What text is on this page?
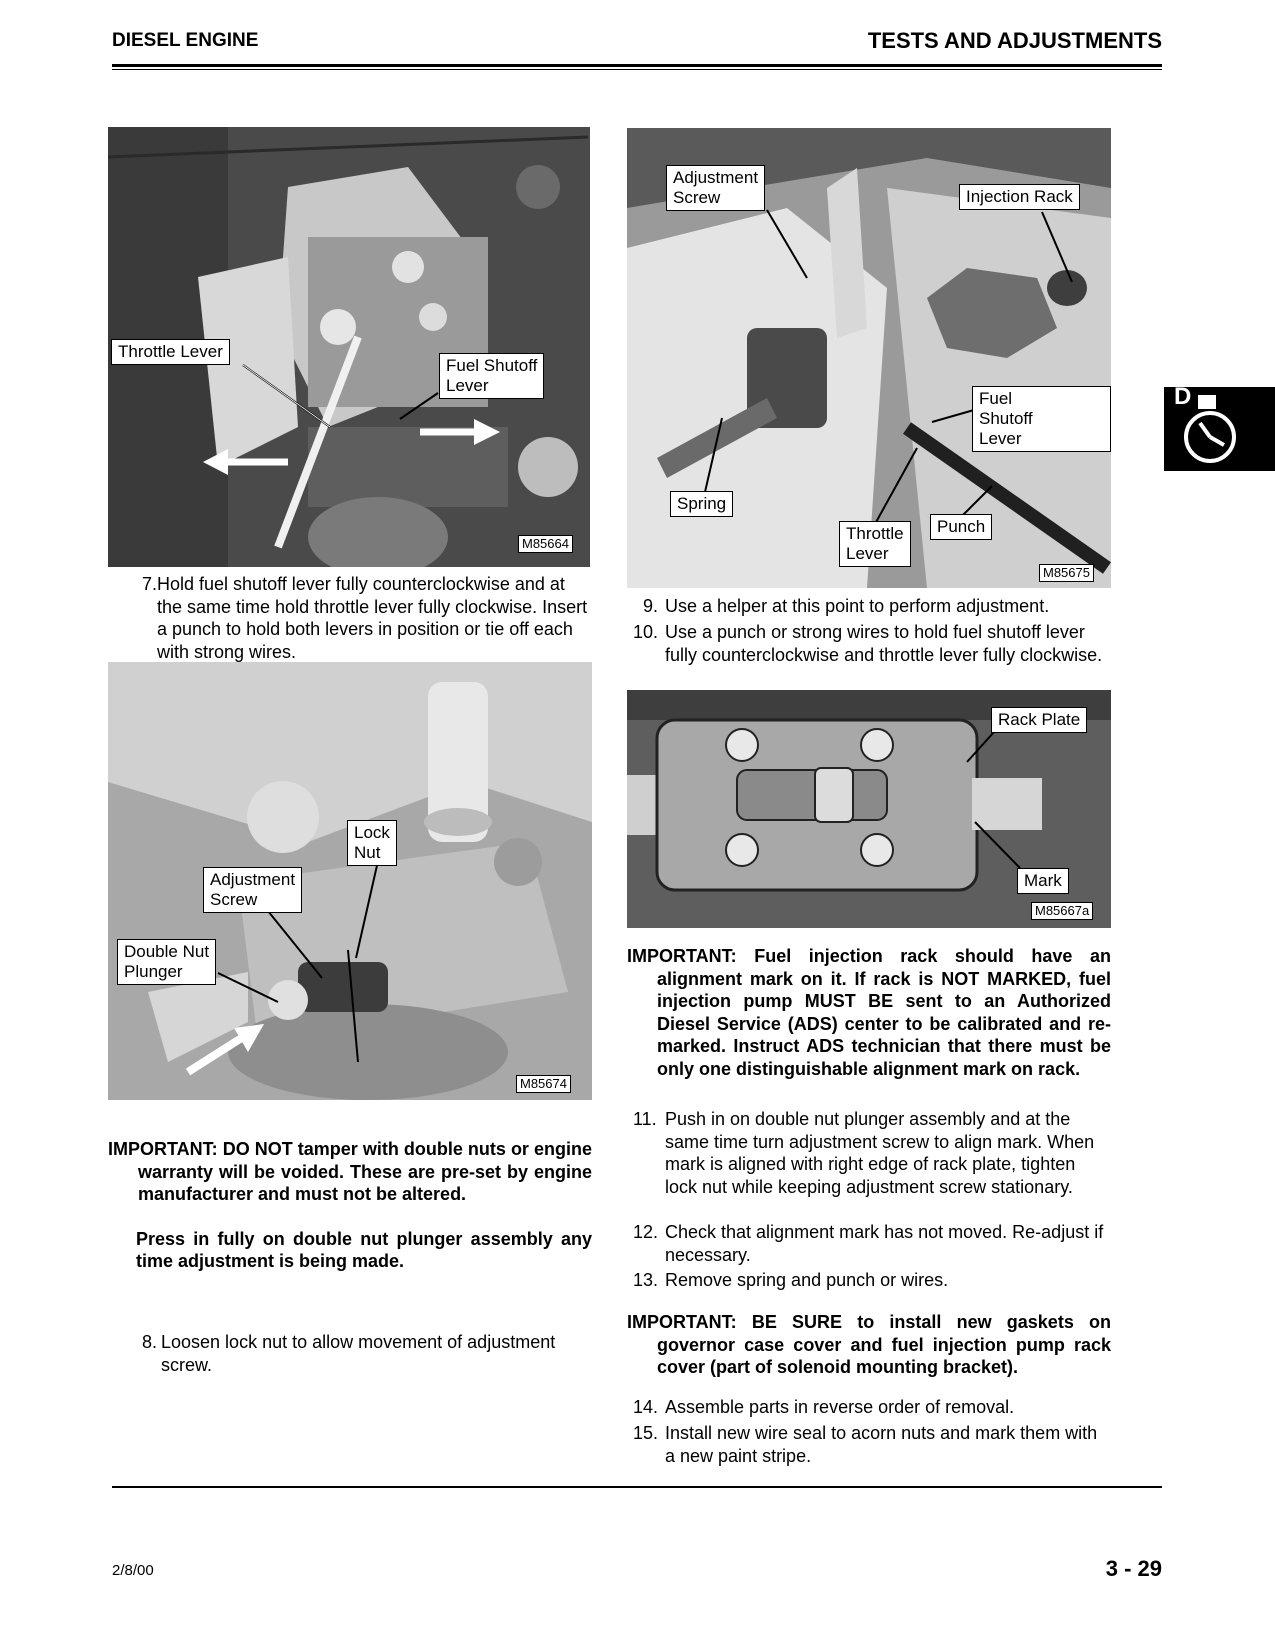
DIESEL ENGINE	TESTS AND ADJUSTMENTS
D
Throttle Lever
Fuel Shutoff
Lever
M85664
7. Hold fuel shutoff lever fully counterclockwise and at the same time hold throttle lever fully clockwise. Insert a punch to hold both levers in position or tie off each with strong wires.
Lock
Nut
Adjustment
Screw
Double Nut
Plunger
M85674

IMPORTANT: DO NOT tamper with double nuts or engine warranty will be voided. These are pre-set by engine manufacturer and must not be altered.

Press in fully on double nut plunger assembly any time adjustment is being made.

8. Loosen lock nut to allow movement of adjustment screw.
Adjustment
Screw	Injection Rack
Fuel Shutoff
Lever
Spring
Throttle
Lever
Punch
M85675
9. Use a helper at this point to perform adjustment.
10. Use a punch or strong wires to hold fuel shutoff lever fully counterclockwise and throttle lever fully clockwise.
Rack Plate
Mark
M85667a

IMPORTANT: Fuel injection rack should have an alignment mark on it. If rack is NOT MARKED, fuel injection pump MUST BE sent to an Authorized Diesel Service (ADS) center to be calibrated and re-marked. Instruct ADS technician that there must be only one distinguishable alignment mark on rack.

11. Push in on double nut plunger assembly and at the same time turn adjustment screw to align mark. When mark is aligned with right edge of rack plate, tighten lock nut while keeping adjustment screw stationary.
12. Check that alignment mark has not moved. Re-adjust if necessary.
13. Remove spring and punch or wires.

IMPORTANT: BE SURE to install new gaskets on governor case cover and fuel injection pump rack cover (part of solenoid mounting bracket).

14. Assemble parts in reverse order of removal.
15. Install new wire seal to acorn nuts and mark them with a new paint stripe.
2/8/00	3 - 29
